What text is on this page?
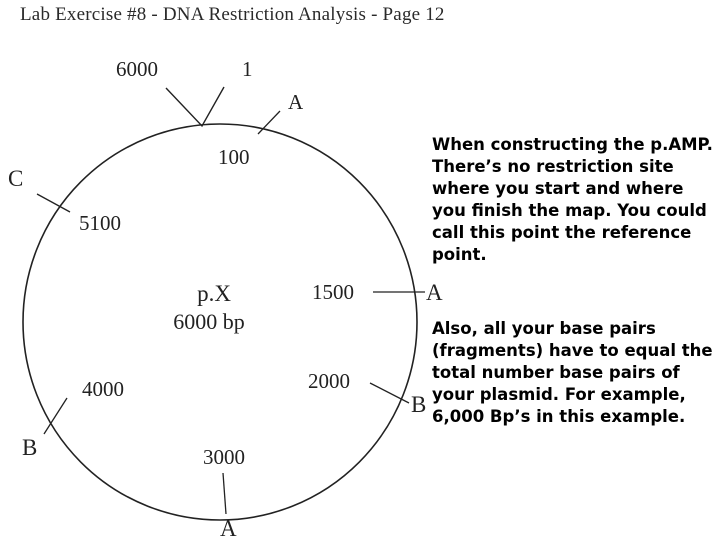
Lab Exercise #8 - DNA Restriction Analysis - Page 12
6000	1
100
5100
1500
2000
4000
3000
A
C
A
B
B
A
p.X
6000 bp
When constructing the p.AMP. There’s no restriction site where you start and where you finish the map. You could call this point the reference point.
Also, all your base pairs (fragments) have to equal the total number base pairs of your plasmid. For example, 6,000 Bp’s in this example.
